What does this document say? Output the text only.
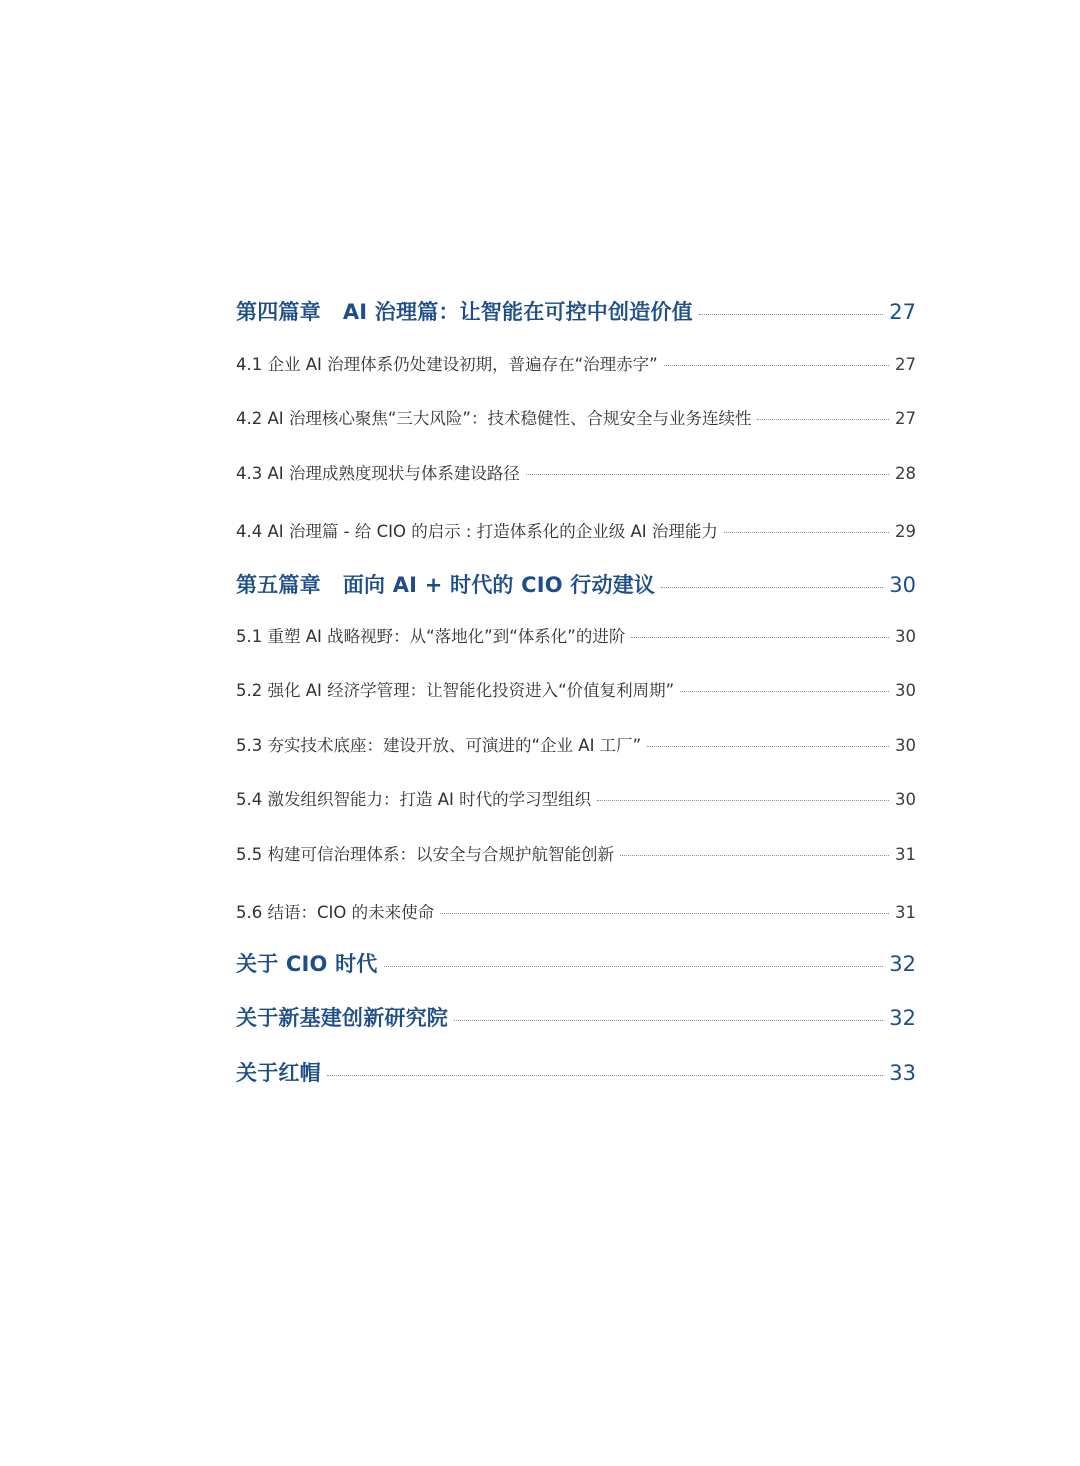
第四篇章 AI 治理篇：让智能在可控中创造价值	27
4.1 企业 AI 治理体系仍处建设初期，普遍存在“治理赤字”	27
4.2 AI 治理核心聚焦“三大风险”：技术稳健性、合规安全与业务连续性	27
4.3 AI 治理成熟度现状与体系建设路径	28
4.4 AI 治理篇 - 给 CIO 的启示 : 打造体系化的企业级 AI 治理能力	29
第五篇章 面向 AI + 时代的 CIO 行动建议	30
5.1 重塑 AI 战略视野：从“落地化”到“体系化”的进阶	30
5.2 强化 AI 经济学管理：让智能化投资进入“价值复利周期”	30
5.3 夯实技术底座：建设开放、可演进的“企业 AI 工厂”	30
5.4 激发组织智能力：打造 AI 时代的学习型组织	30
5.5 构建可信治理体系：以安全与合规护航智能创新	31
5.6 结语：CIO 的未来使命	31
关于 CIO 时代	32
关于新基建创新研究院	32
关于红帽	33
